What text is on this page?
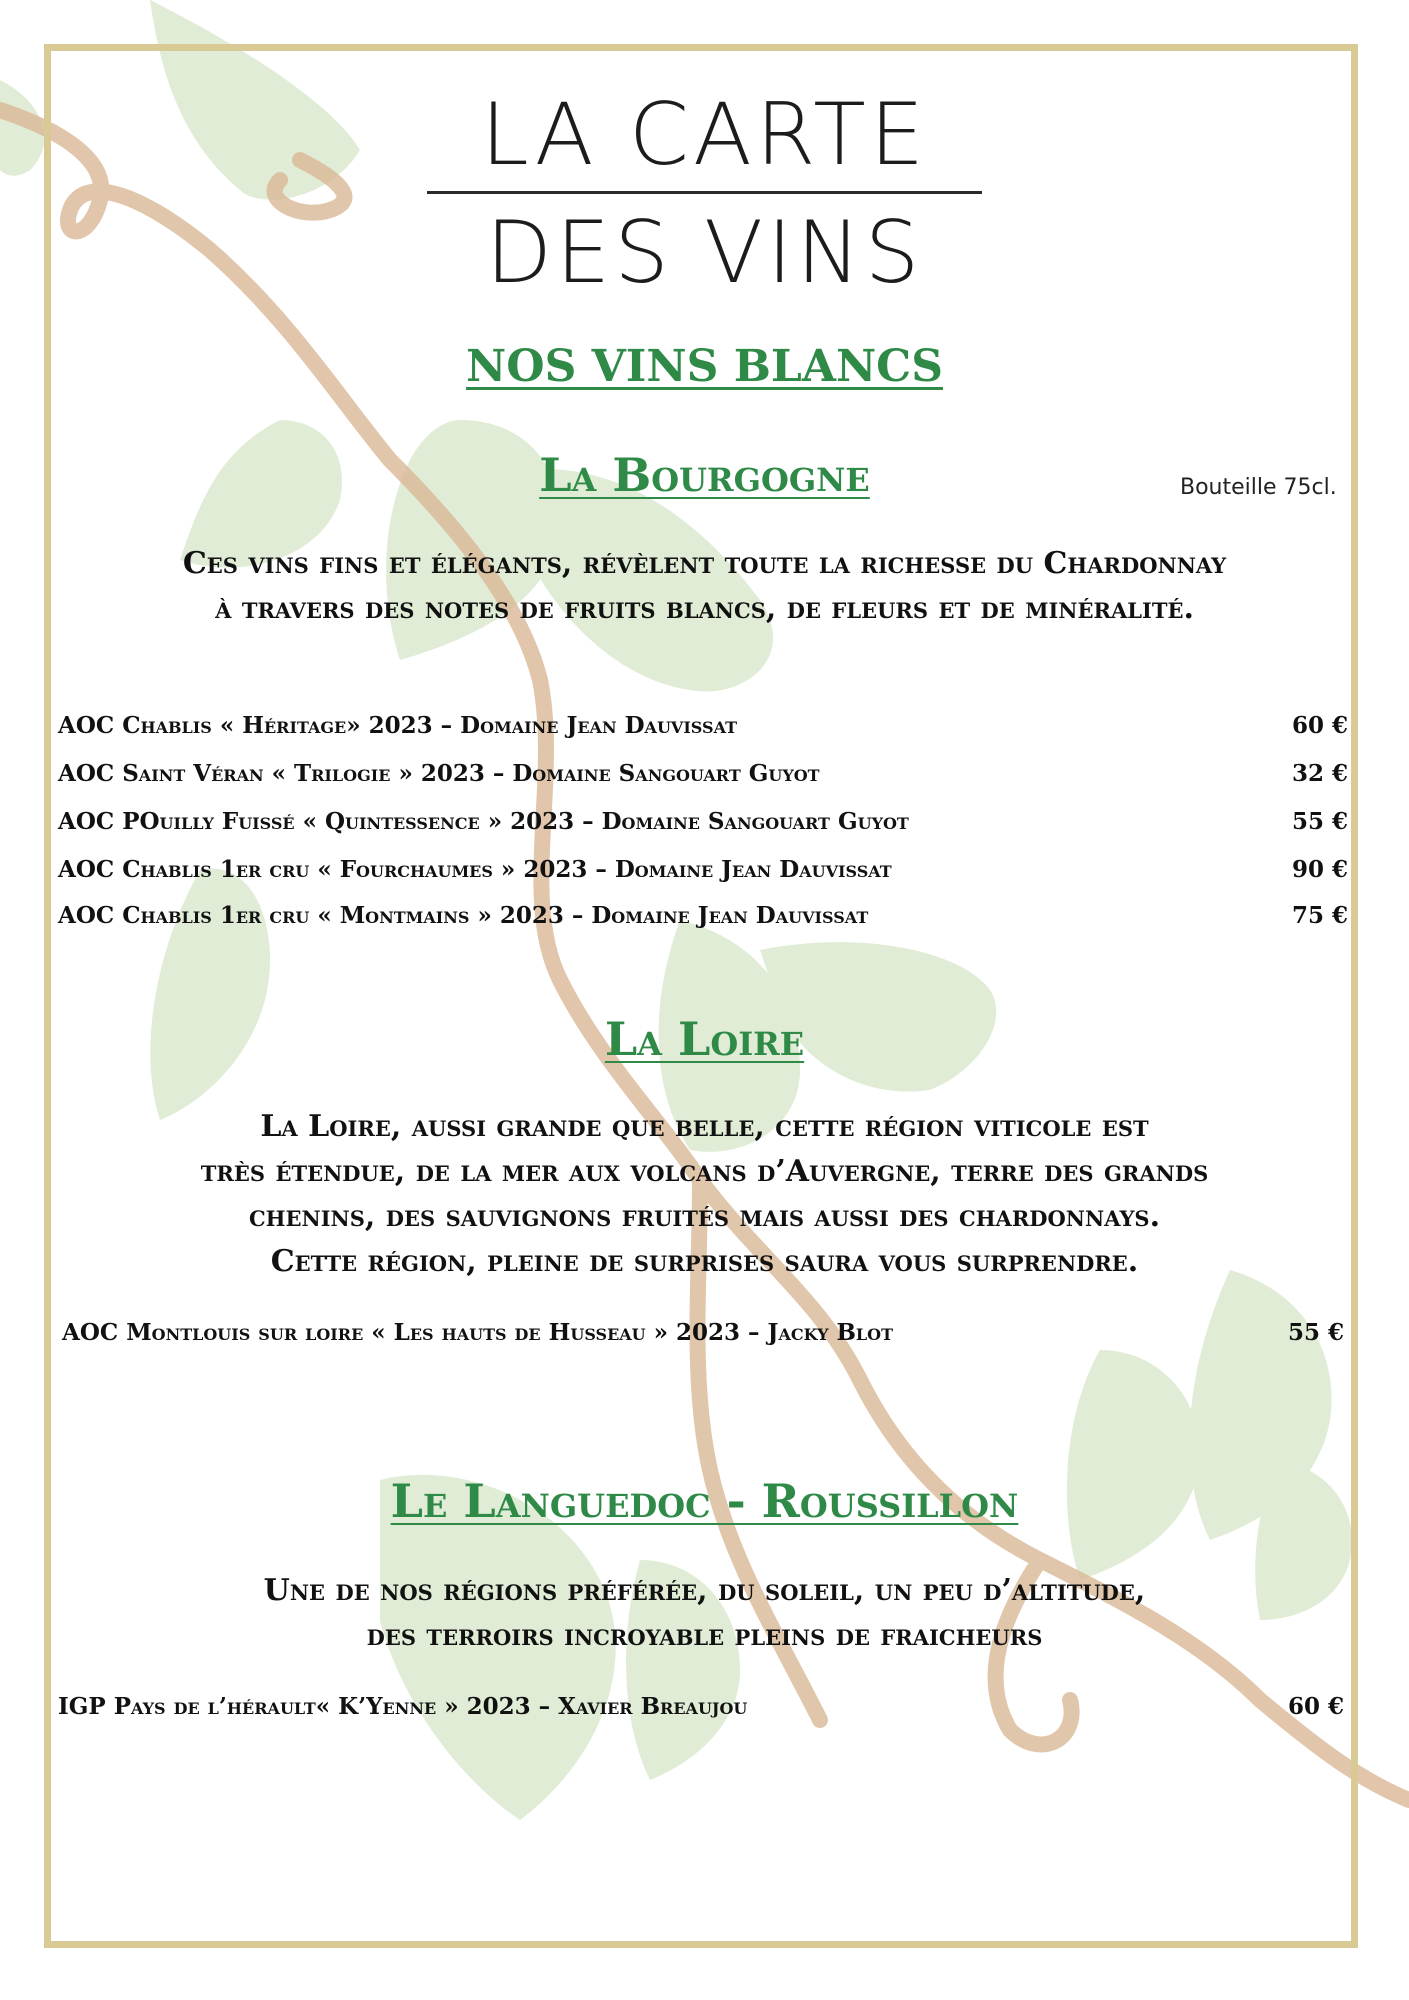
LA CARTE
DES VINS
NOS VINS BLANCS
La Bourgogne	Bouteille 75cl.
Ces vins fins et élégants, révèlent toute la richesse du Chardonnay
à travers des notes de fruits blancs, de fleurs et de minéralité.
AOC Chablis « Héritage» 2023 – Domaine Jean Dauvissat	60 €
AOC Saint Véran « Trilogie » 2023 – Domaine Sangouart Guyot	32 €
AOC POuilly Fuissé « Quintessence » 2023 – Domaine Sangouart Guyot	55 €
AOC Chablis 1er cru « Fourchaumes » 2023 – Domaine Jean Dauvissat	90 €
AOC Chablis 1er cru « Montmains » 2023 – Domaine Jean Dauvissat	75 €
La Loire
La Loire, aussi grande que belle, cette région viticole est
très étendue, de la mer aux volcans d’Auvergne, terre des grands
chenins, des sauvignons fruités mais aussi des chardonnays.
Cette région, pleine de surprises saura vous surprendre.
AOC Montlouis sur loire « Les hauts de Husseau » 2023 – Jacky Blot	55 €
Le Languedoc - Roussillon
Une de nos régions préférée, du soleil, un peu d’altitude,
des terroirs incroyable pleins de fraicheurs
IGP Pays de l’hérault« K’Yenne » 2023 – Xavier Breaujou	60 €
